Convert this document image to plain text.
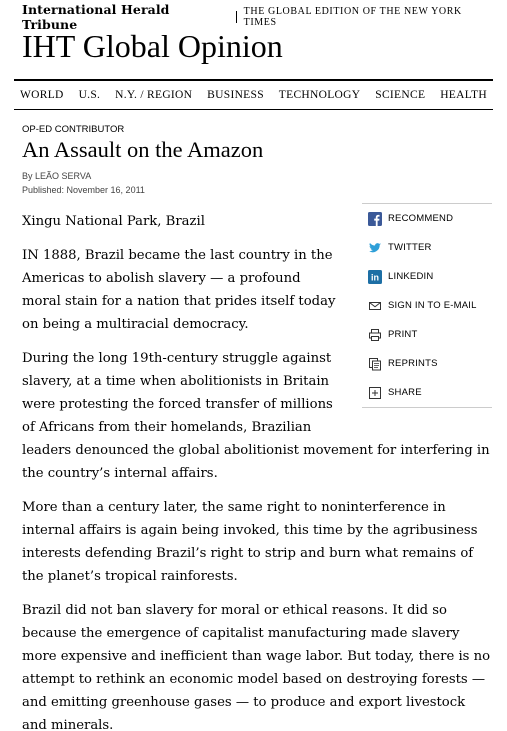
International Herald Tribune
THE GLOBAL EDITION OF THE NEW YORK TIMES
IHT Global Opinion
WORLD U.S. N.Y. / REGION BUSINESS TECHNOLOGY SCIENCE HEALTH
OP-ED CONTRIBUTOR
An Assault on the Amazon
By LEÃO SERVA
Published: November 16, 2011
Xingu National Park, Brazil

IN 1888, Brazil became the last country in the Americas to abolish slavery — a profound moral stain for a nation that prides itself today on being a multiracial democracy.

During the long 19th-century struggle against slavery, at a time when abolitionists in Britain were protesting the forced transfer of millions of Africans from their homelands, Brazilian leaders denounced the global abolitionist movement for interfering in the country’s internal affairs.

More than a century later, the same right to noninterference in internal affairs is again being invoked, this time by the agribusiness interests defending Brazil’s right to strip and burn what remains of the planet’s tropical rainforests.

Brazil did not ban slavery for moral or ethical reasons. It did so because the emergence of capitalist manufacturing made slavery more expensive and inefficient than wage labor. But today, there is no attempt to rethink an economic model based on destroying forests — and emitting greenhouse gases — to produce and export livestock and minerals.

RECOMMEND
TWITTER
in LINKEDIN
SIGN IN TO E-MAIL
PRINT
REPRINTS
SHARE
